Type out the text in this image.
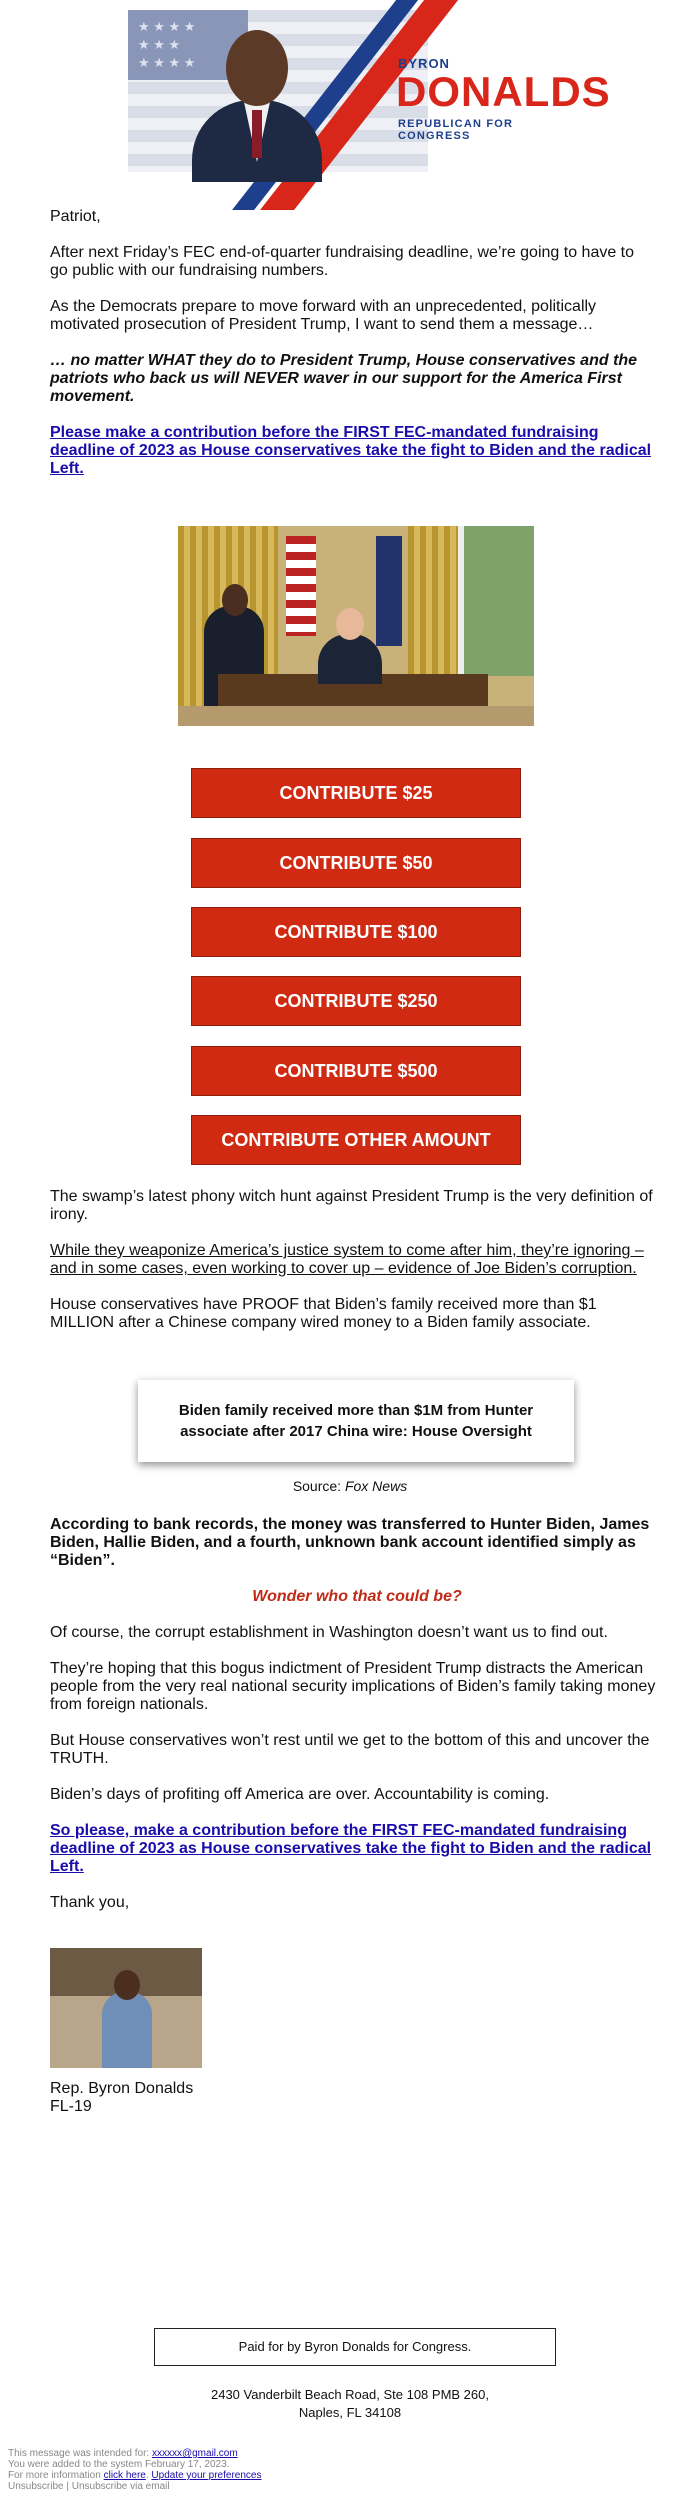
★ ★ ★ ★ ★ ★ ★ ★ ★ ★ ★
BYRON
DONALDS
REPUBLICAN FOR CONGRESS

Patriot,

After next Friday’s FEC end-of-quarter fundraising deadline, we’re going to have to go public with our fundraising numbers.

As the Democrats prepare to move forward with an unprecedented, politically motivated prosecution of President Trump, I want to send them a message…

… no matter WHAT they do to President Trump, House conservatives and the patriots who back us will NEVER waver in our support for the America First movement.

Please make a contribution before the FIRST FEC-mandated fundraising deadline of 2023 as House conservatives take the fight to Biden and the radical Left.

CONTRIBUTE $25
CONTRIBUTE $50
CONTRIBUTE $100
CONTRIBUTE $250
CONTRIBUTE $500
CONTRIBUTE OTHER AMOUNT

The swamp’s latest phony witch hunt against President Trump is the very definition of irony.

While they weaponize America’s justice system to come after him, they’re ignoring – and in some cases, even working to cover up – evidence of Joe Biden’s corruption.

House conservatives have PROOF that Biden’s family received more than $1 MILLION after a Chinese company wired money to a Biden family associate.

Biden family received more than $1M from Hunter associate after 2017 China wire: House Oversight
Source: Fox News

According to bank records, the money was transferred to Hunter Biden, James Biden, Hallie Biden, and a fourth, unknown bank account identified simply as “Biden”.

Wonder who that could be?

Of course, the corrupt establishment in Washington doesn’t want us to find out.

They’re hoping that this bogus indictment of President Trump distracts the American people from the very real national security implications of Biden’s family taking money from foreign nationals.

But House conservatives won’t rest until we get to the bottom of this and uncover the TRUTH.

Biden’s days of profiting off America are over. Accountability is coming.

So please, make a contribution before the FIRST FEC-mandated fundraising deadline of 2023 as House conservatives take the fight to Biden and the radical Left.

Thank you,

Rep. Byron Donalds
FL-19
Paid for by Byron Donalds for Congress.
2430 Vanderbilt Beach Road, Ste 108 PMB 260,
Naples, FL 34108
This message was intended for: xxxxxx@gmail.com
You were added to the system February 17, 2023.
For more information click here. Update your preferences
Unsubscribe | Unsubscribe via email
